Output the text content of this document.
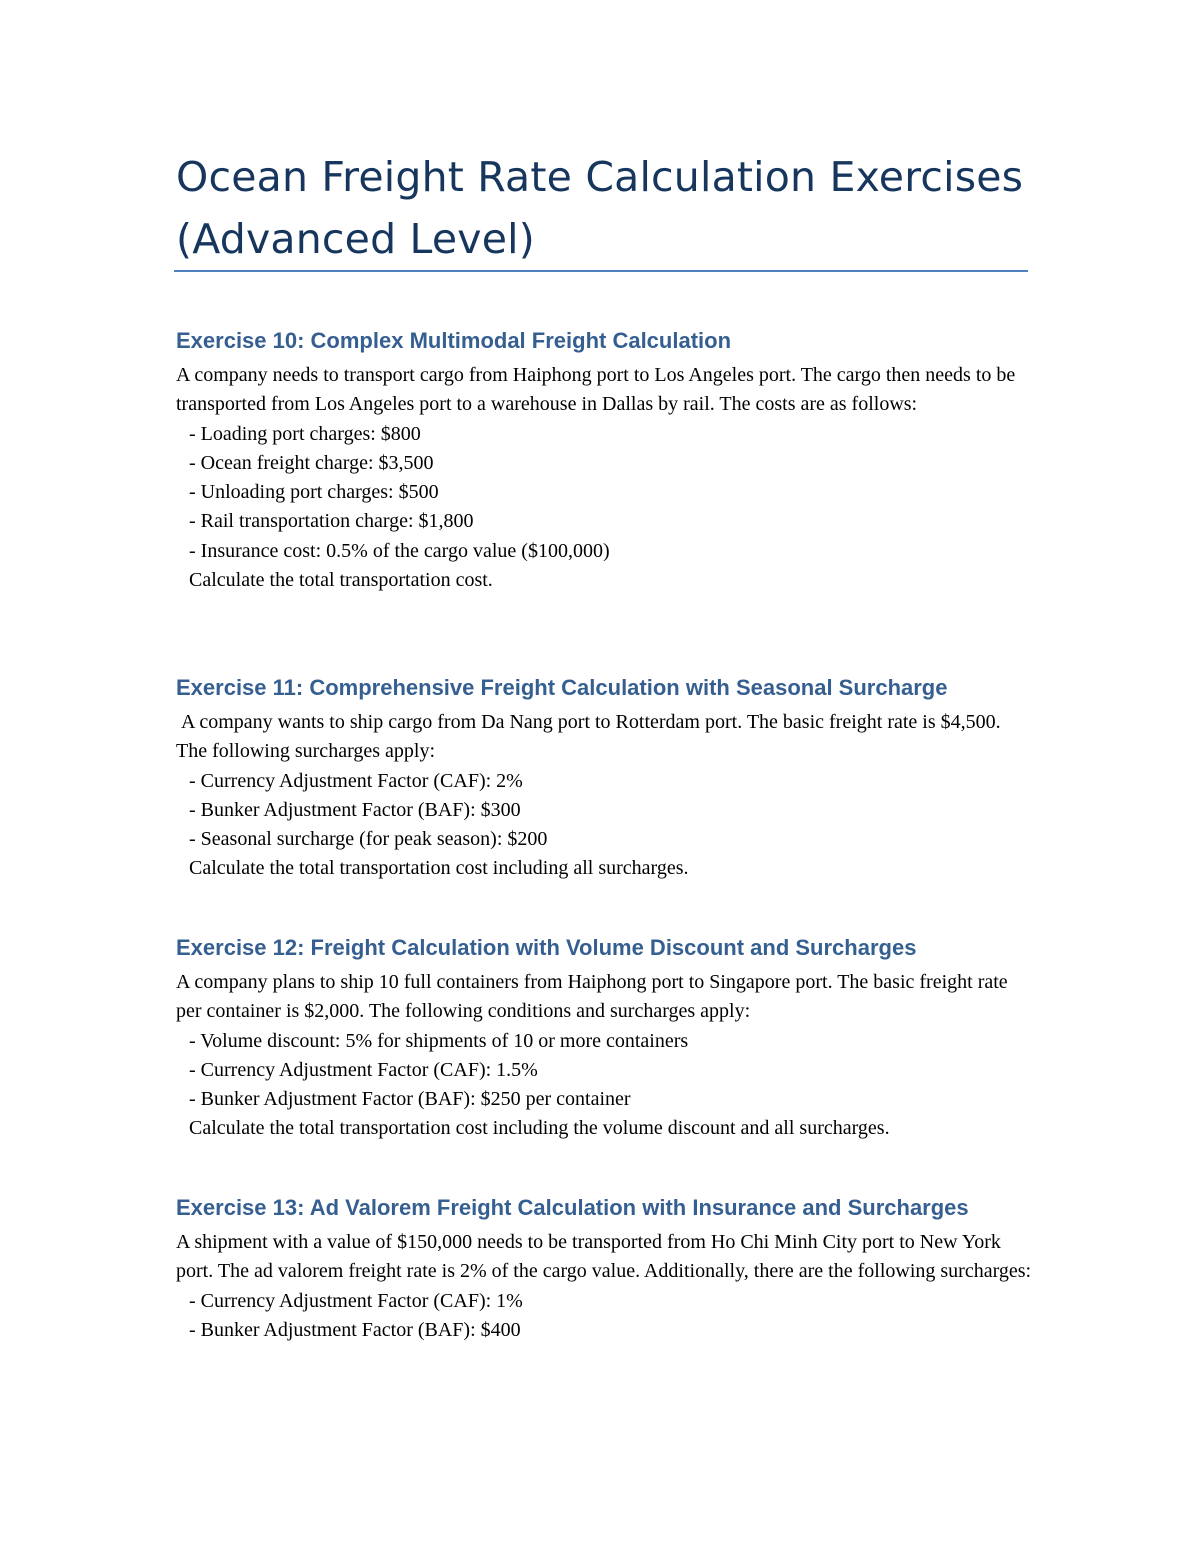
Ocean Freight Rate Calculation Exercises (Advanced Level)
Exercise 10: Complex Multimodal Freight Calculation

A company needs to transport cargo from Haiphong port to Los Angeles port. The cargo then needs to be transported from Los Angeles port to a warehouse in Dallas by rail. The costs are as follows:

- Loading port charges: $800
- Ocean freight charge: $3,500
- Unloading port charges: $500
- Rail transportation charge: $1,800
- Insurance cost: 0.5% of the cargo value ($100,000)

Calculate the total transportation cost.

Exercise 11: Comprehensive Freight Calculation with Seasonal Surcharge

A company wants to ship cargo from Da Nang port to Rotterdam port. The basic freight rate is $4,500. The following surcharges apply:

- Currency Adjustment Factor (CAF): 2%
- Bunker Adjustment Factor (BAF): $300
- Seasonal surcharge (for peak season): $200

Calculate the total transportation cost including all surcharges.

Exercise 12: Freight Calculation with Volume Discount and Surcharges

A company plans to ship 10 full containers from Haiphong port to Singapore port. The basic freight rate per container is $2,000. The following conditions and surcharges apply:

- Volume discount: 5% for shipments of 10 or more containers
- Currency Adjustment Factor (CAF): 1.5%
- Bunker Adjustment Factor (BAF): $250 per container

Calculate the total transportation cost including the volume discount and all surcharges.

Exercise 13: Ad Valorem Freight Calculation with Insurance and Surcharges

A shipment with a value of $150,000 needs to be transported from Ho Chi Minh City port to New York port. The ad valorem freight rate is 2% of the cargo value. Additionally, there are the following surcharges:

- Currency Adjustment Factor (CAF): 1%
- Bunker Adjustment Factor (BAF): $400
